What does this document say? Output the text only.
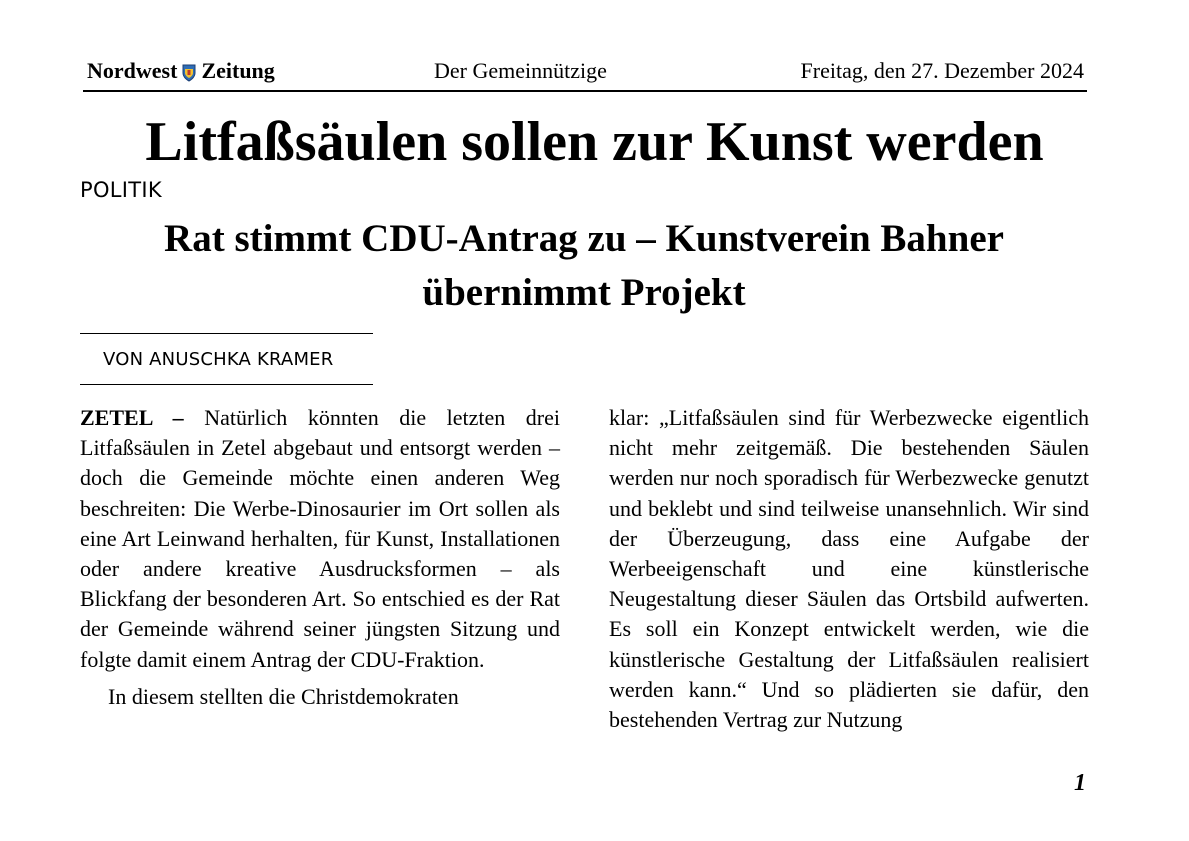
Nordwest Zeitung	Der Gemeinnützige	Freitag, den 27. Dezember 2024
Litfaßsäulen sollen zur Kunst werden
POLITIK
Rat stimmt CDU-Antrag zu – Kunstverein Bahner übernimmt Projekt
VON ANUSCHKA KRAMER

ZETEL – Natürlich könnten die letzten drei Litfaßsäulen in Zetel abgebaut und entsorgt werden – doch die Gemeinde möchte einen anderen Weg beschreiten: Die Werbe-Dinosaurier im Ort sollen als eine Art Leinwand herhalten, für Kunst, Installationen oder andere kreative Ausdrucksformen – als Blickfang der besonderen Art. So entschied es der Rat der Gemeinde während seiner jüngsten Sitzung und folgte damit einem Antrag der CDU-Fraktion.

In diesem stellten die Christdemokraten

klar: „Litfaßsäulen sind für Werbezwecke eigentlich nicht mehr zeitgemäß. Die bestehenden Säulen werden nur noch sporadisch für Werbezwecke genutzt und beklebt und sind teilweise unansehnlich. Wir sind der Überzeugung, dass eine Aufgabe der Werbeeigenschaft und eine künstlerische Neugestaltung dieser Säulen das Ortsbild aufwerten. Es soll ein Konzept entwickelt werden, wie die künstlerische Gestaltung der Litfaßsäulen realisiert werden kann.“ Und so plädierten sie dafür, den bestehenden Vertrag zur Nutzung

1
